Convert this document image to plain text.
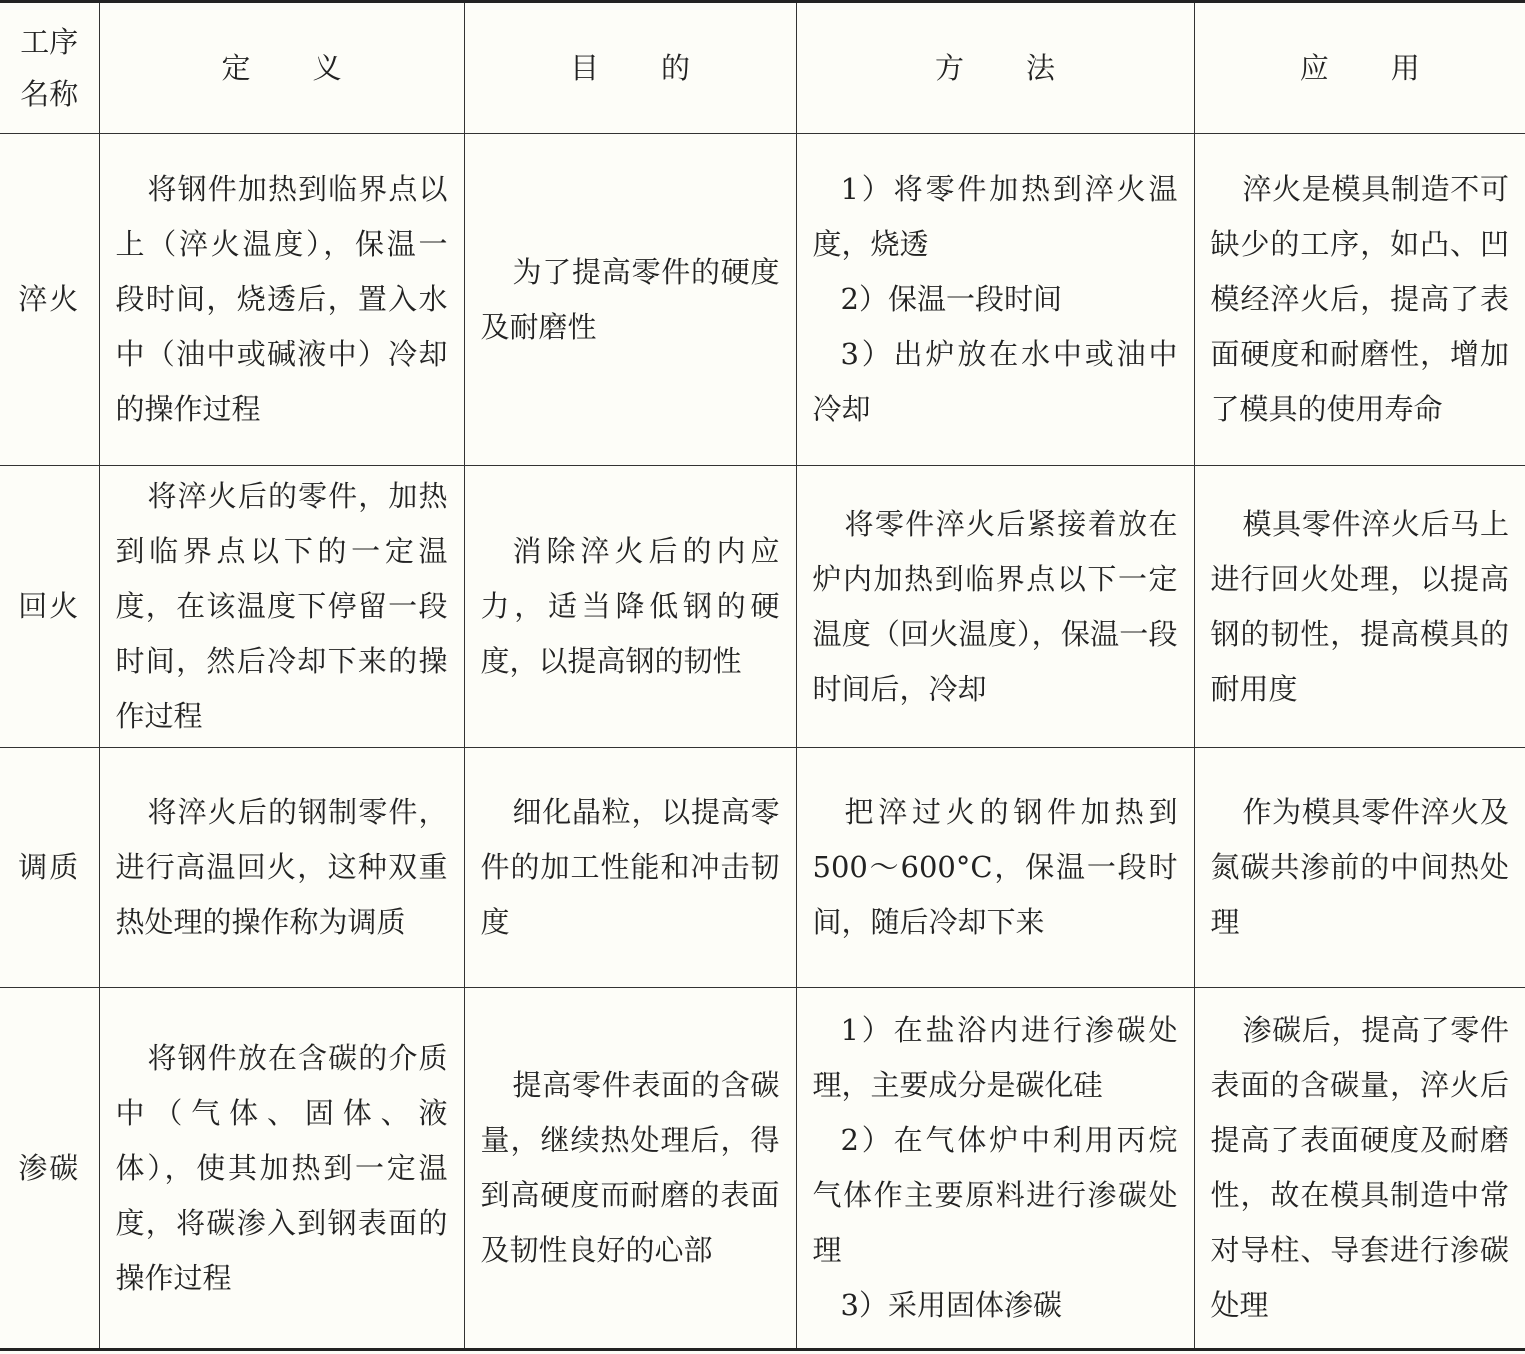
工序
名称	定义	目的	方法	应用
淬火	将钢件加热到临界点以上（淬火温度），保温一段时间，烧透后，置入水中（油中或碱液中）冷却的操作过程	为了提高零件的硬度及耐磨性	1）将零件加热到淬火温度，烧透
2）保温一段时间
3）出炉放在水中或油中冷却	淬火是模具制造不可缺少的工序，如凸、凹模经淬火后，提高了表面硬度和耐磨性，增加了模具的使用寿命

回火	将淬火后的零件，加热到临界点以下的一定温度，在该温度下停留一段时间，然后冷却下来的操作过程	消除淬火后的内应力，适当降低钢的硬度，以提高钢的韧性	将零件淬火后紧接着放在炉内加热到临界点以下一定温度（回火温度），保温一段时间后，冷却	模具零件淬火后马上进行回火处理，以提高钢的韧性，提高模具的耐用度

调质	将淬火后的钢制零件，进行高温回火，这种双重热处理的操作称为调质	细化晶粒，以提高零件的加工性能和冲击韧度	把淬过火的钢件加热到500～600°C，保温一段时间，随后冷却下来	作为模具零件淬火及氮碳共渗前的中间热处理

渗碳	将钢件放在含碳的介质中（气体、固体、液体），使其加热到一定温度，将碳渗入到钢表面的操作过程	提高零件表面的含碳量，继续热处理后，得到高硬度而耐磨的表面及韧性良好的心部	1）在盐浴内进行渗碳处理，主要成分是碳化硅
2）在气体炉中利用丙烷气体作主要原料进行渗碳处理
3）采用固体渗碳	渗碳后，提高了零件表面的含碳量，淬火后提高了表面硬度及耐磨性，故在模具制造中常对导柱、导套进行渗碳处理
